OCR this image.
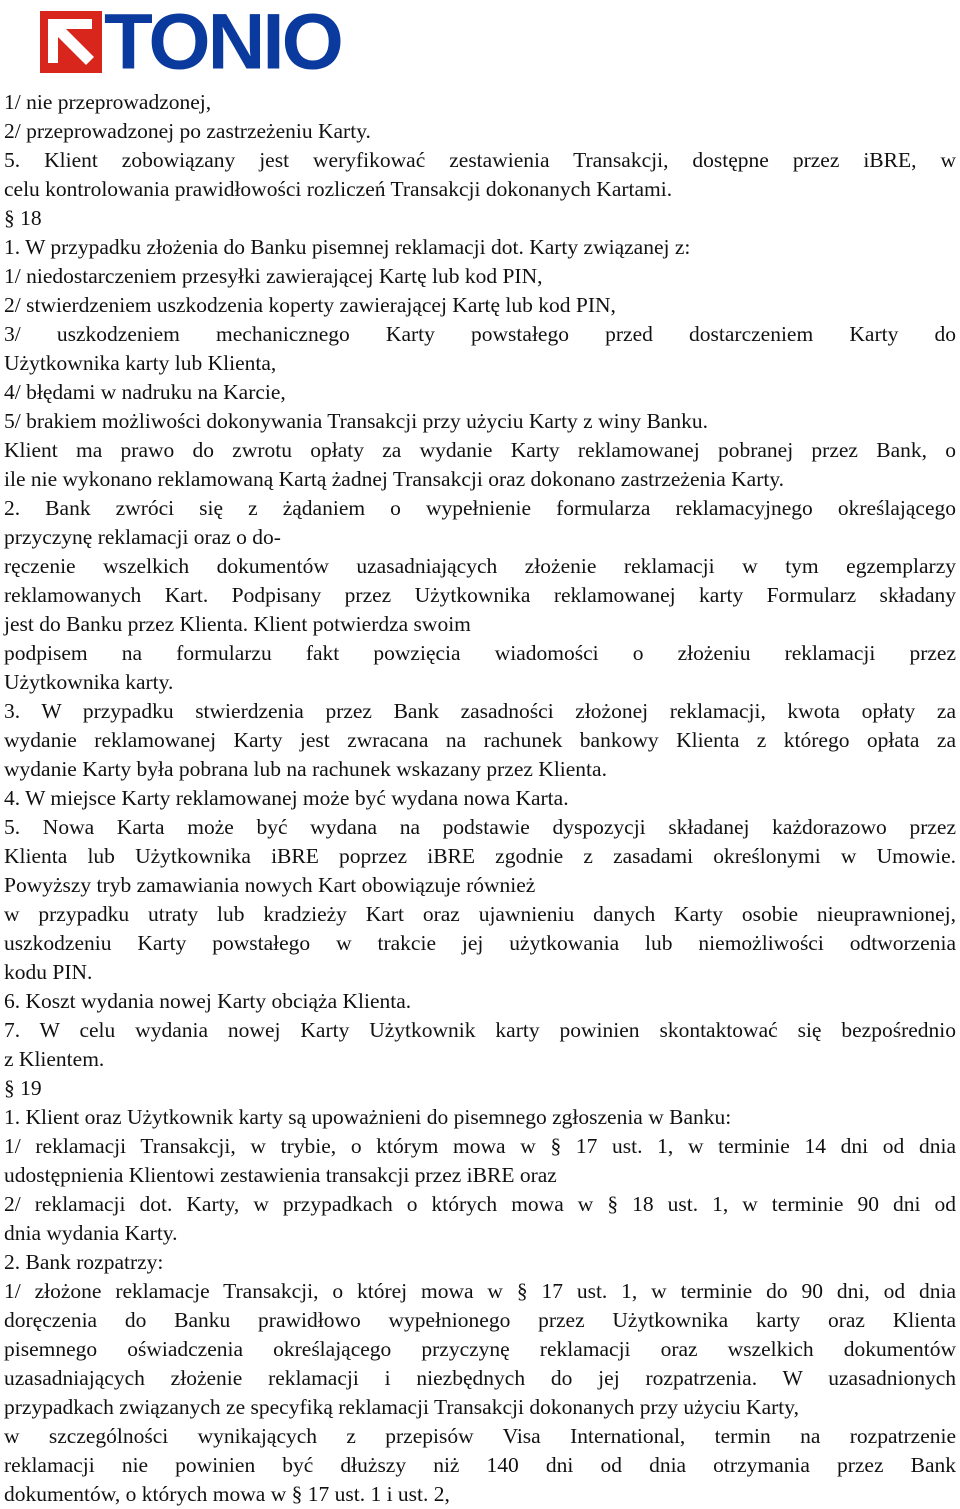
TONIO
1/ nie przeprowadzonej,
2/ przeprowadzonej po zastrzeżeniu Karty.
5. Klient zobowiązany jest weryfikować zestawienia Transakcji, dostępne przez iBRE, w
celu kontrolowania prawidłowości rozliczeń Transakcji dokonanych Kartami.
§ 18
1. W przypadku złożenia do Banku pisemnej reklamacji dot. Karty związanej z:
1/ niedostarczeniem przesyłki zawierającej Kartę lub kod PIN,
2/ stwierdzeniem uszkodzenia koperty zawierającej Kartę lub kod PIN,
3/ uszkodzeniem mechanicznego Karty powstałego przed dostarczeniem Karty do
Użytkownika karty lub Klienta,
4/ błędami w nadruku na Karcie,
5/ brakiem możliwości dokonywania Transakcji przy użyciu Karty z winy Banku.
Klient ma prawo do zwrotu opłaty za wydanie Karty reklamowanej pobranej przez Bank, o
ile nie wykonano reklamowaną Kartą żadnej Transakcji oraz dokonano zastrzeżenia Karty.
2. Bank zwróci się z żądaniem o wypełnienie formularza reklamacyjnego określającego
przyczynę reklamacji oraz o do-
ręczenie wszelkich dokumentów uzasadniających złożenie reklamacji w tym egzemplarzy
reklamowanych Kart. Podpisany przez Użytkownika reklamowanej karty Formularz składany
jest do Banku przez Klienta. Klient potwierdza swoim
podpisem na formularzu fakt powzięcia wiadomości o złożeniu reklamacji przez
Użytkownika karty.
3. W przypadku stwierdzenia przez Bank zasadności złożonej reklamacji, kwota opłaty za
wydanie reklamowanej Karty jest zwracana na rachunek bankowy Klienta z którego opłata za
wydanie Karty była pobrana lub na rachunek wskazany przez Klienta.
4. W miejsce Karty reklamowanej może być wydana nowa Karta.
5. Nowa Karta może być wydana na podstawie dyspozycji składanej każdorazowo przez
Klienta lub Użytkownika iBRE poprzez iBRE zgodnie z zasadami określonymi w Umowie.
Powyższy tryb zamawiania nowych Kart obowiązuje również
w przypadku utraty lub kradzieży Kart oraz ujawnieniu danych Karty osobie nieuprawnionej,
uszkodzeniu Karty powstałego w trakcie jej użytkowania lub niemożliwości odtworzenia
kodu PIN.
6. Koszt wydania nowej Karty obciąża Klienta.
7. W celu wydania nowej Karty Użytkownik karty powinien skontaktować się bezpośrednio
z Klientem.
§ 19
1. Klient oraz Użytkownik karty są upoważnieni do pisemnego zgłoszenia w Banku:
1/ reklamacji Transakcji, w trybie, o którym mowa w § 17 ust. 1, w terminie 14 dni od dnia
udostępnienia Klientowi zestawienia transakcji przez iBRE oraz
2/ reklamacji dot. Karty, w przypadkach o których mowa w § 18 ust. 1, w terminie 90 dni od
dnia wydania Karty.
2. Bank rozpatrzy:
1/ złożone reklamacje Transakcji, o której mowa w § 17 ust. 1, w terminie do 90 dni, od dnia
doręczenia do Banku prawidłowo wypełnionego przez Użytkownika karty oraz Klienta
pisemnego oświadczenia określającego przyczynę reklamacji oraz wszelkich dokumentów
uzasadniających złożenie reklamacji i niezbędnych do jej rozpatrzenia. W uzasadnionych
przypadkach związanych ze specyfiką reklamacji Transakcji dokonanych przy użyciu Karty,
w szczególności wynikających z przepisów Visa International, termin na rozpatrzenie
reklamacji nie powinien być dłuższy niż 140 dni od dnia otrzymania przez Bank
dokumentów, o których mowa w § 17 ust. 1 i ust. 2,
